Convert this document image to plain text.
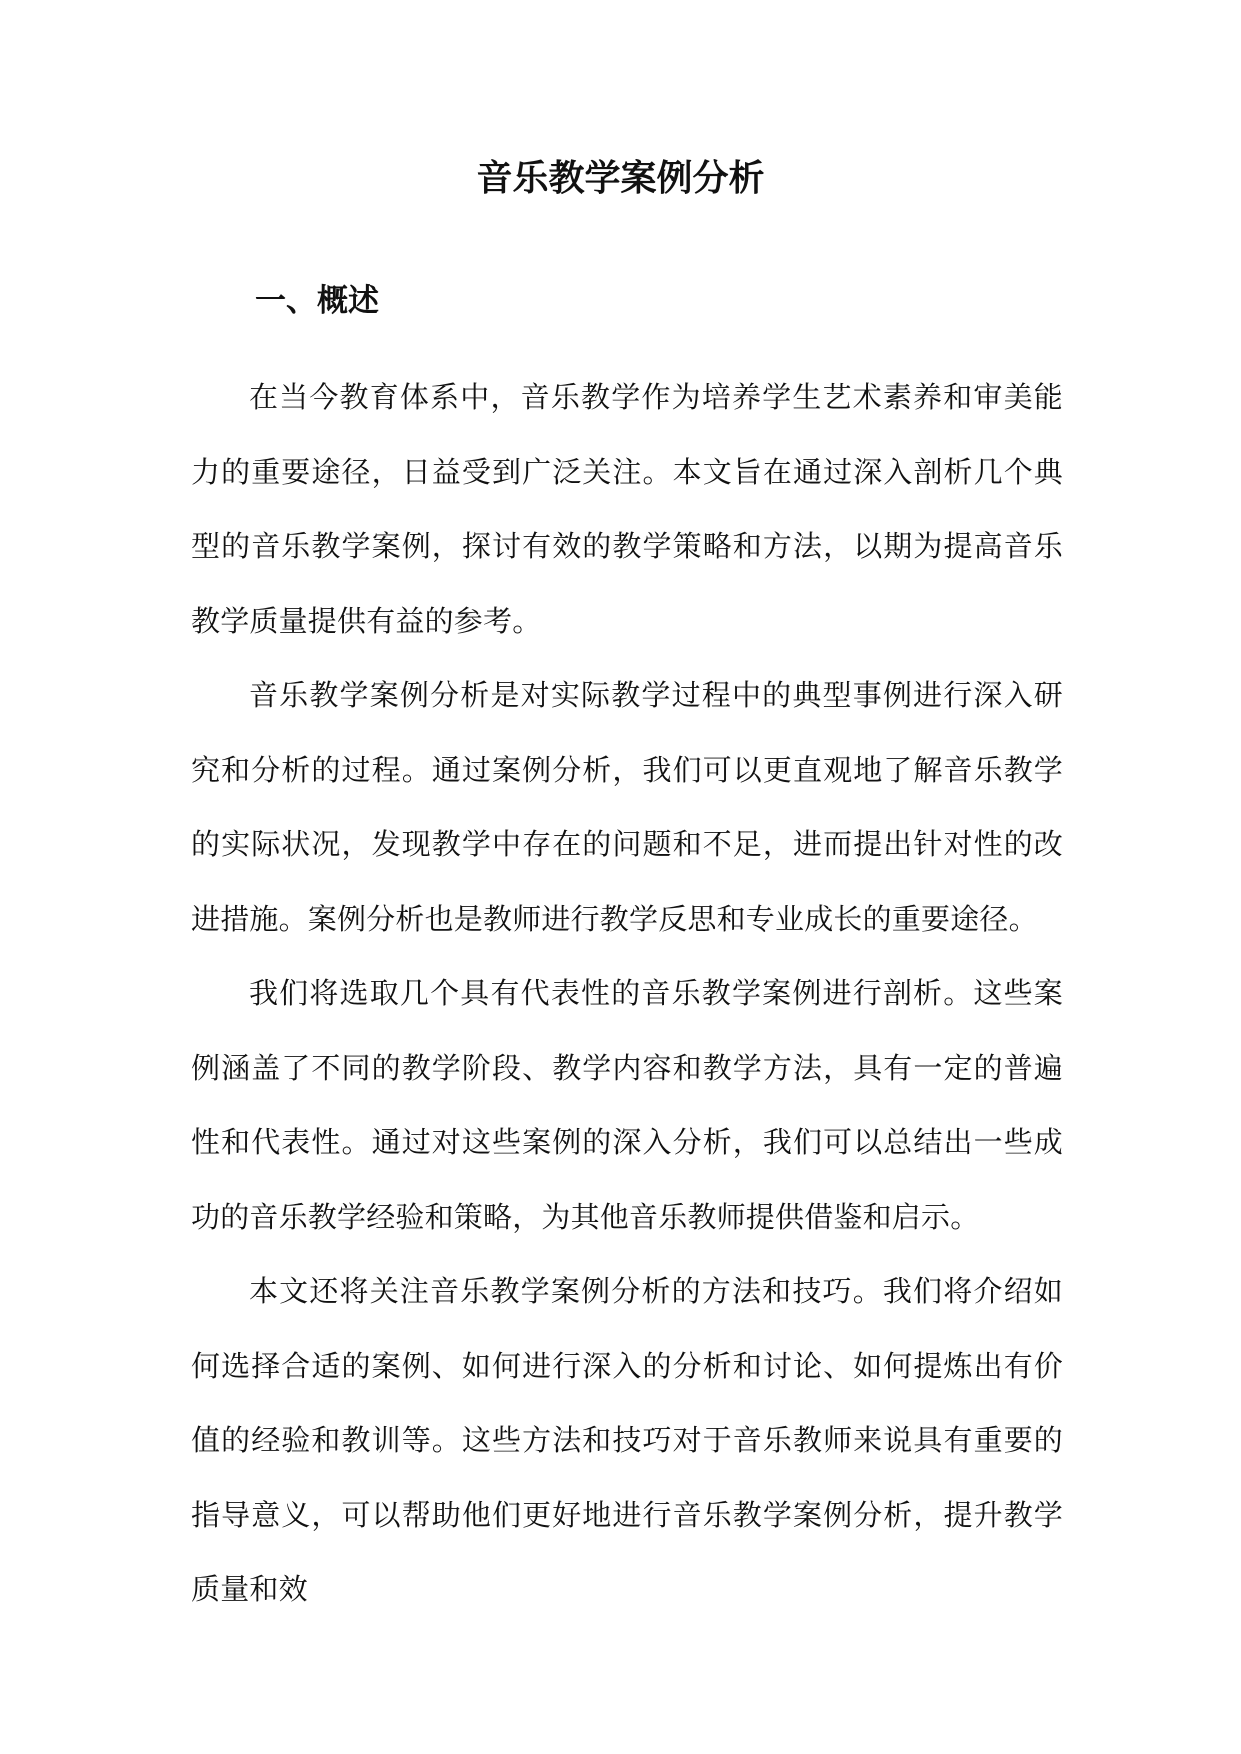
音乐教学案例分析
一、概述

在当今教育体系中，音乐教学作为培养学生艺术素养和审美能力的重要途径，日益受到广泛关注。本文旨在通过深入剖析几个典型的音乐教学案例，探讨有效的教学策略和方法，以期为提高音乐教学质量提供有益的参考。

音乐教学案例分析是对实际教学过程中的典型事例进行深入研究和分析的过程。通过案例分析，我们可以更直观地了解音乐教学的实际状况，发现教学中存在的问题和不足，进而提出针对性的改进措施。案例分析也是教师进行教学反思和专业成长的重要途径。

我们将选取几个具有代表性的音乐教学案例进行剖析。这些案例涵盖了不同的教学阶段、教学内容和教学方法，具有一定的普遍性和代表性。通过对这些案例的深入分析，我们可以总结出一些成功的音乐教学经验和策略，为其他音乐教师提供借鉴和启示。

本文还将关注音乐教学案例分析的方法和技巧。我们将介绍如何选择合适的案例、如何进行深入的分析和讨论、如何提炼出有价值的经验和教训等。这些方法和技巧对于音乐教师来说具有重要的指导意义，可以帮助他们更好地进行音乐教学案例分析，提升教学质量和效
